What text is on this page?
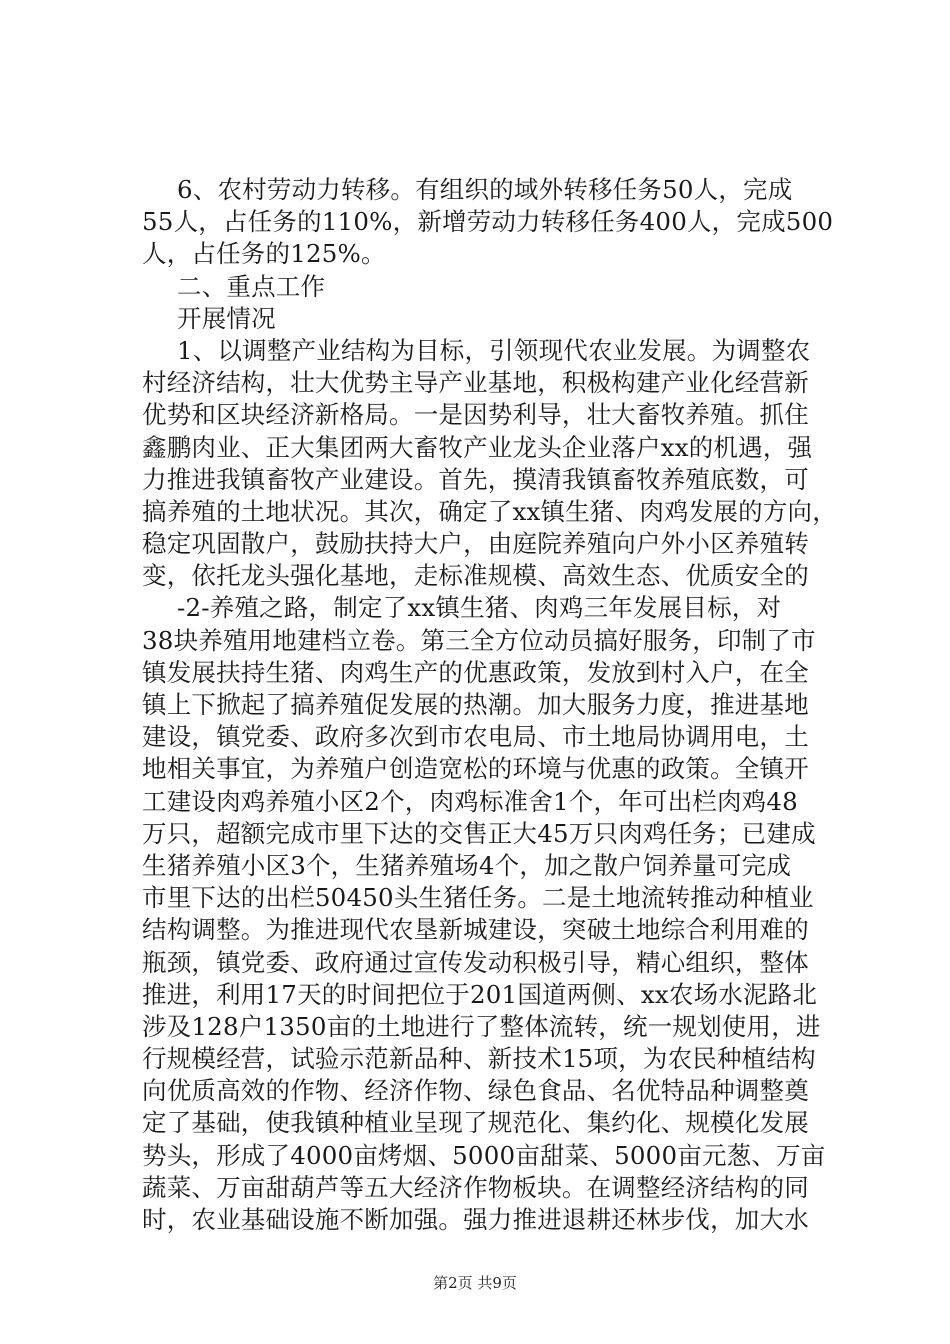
6、农村劳动力转移。有组织的域外转移任务50人，完成
55人，占任务的110%，新增劳动力转移任务400人，完成500
人，占任务的125%。
二、重点工作
开展情况
1、以调整产业结构为目标，引领现代农业发展。为调整农
村经济结构，壮大优势主导产业基地，积极构建产业化经营新
优势和区块经济新格局。一是因势利导，壮大畜牧养殖。抓住
鑫鹏肉业、正大集团两大畜牧产业龙头企业落户xx的机遇，强
力推进我镇畜牧产业建设。首先，摸清我镇畜牧养殖底数，可
搞养殖的土地状况。其次，确定了xx镇生猪、肉鸡发展的方向，
稳定巩固散户，鼓励扶持大户，由庭院养殖向户外小区养殖转
变，依托龙头强化基地，走标准规模、高效生态、优质安全的
-2-养殖之路，制定了xx镇生猪、肉鸡三年发展目标，对
38块养殖用地建档立卷。第三全方位动员搞好服务，印制了市
镇发展扶持生猪、肉鸡生产的优惠政策，发放到村入户，在全
镇上下掀起了搞养殖促发展的热潮。加大服务力度，推进基地
建设，镇党委、政府多次到市农电局、市土地局协调用电，土
地相关事宜，为养殖户创造宽松的环境与优惠的政策。全镇开
工建设肉鸡养殖小区2个，肉鸡标准舍1个，年可出栏肉鸡48
万只，超额完成市里下达的交售正大45万只肉鸡任务；已建成
生猪养殖小区3个，生猪养殖场4个，加之散户饲养量可完成
市里下达的出栏50450头生猪任务。二是土地流转推动种植业
结构调整。为推进现代农垦新城建设，突破土地综合利用难的
瓶颈，镇党委、政府通过宣传发动积极引导，精心组织，整体
推进，利用17天的时间把位于201国道两侧、xx农场水泥路北
涉及128户1350亩的土地进行了整体流转，统一规划使用，进
行规模经营，试验示范新品种、新技术15项，为农民种植结构
向优质高效的作物、经济作物、绿色食品、名优特品种调整奠
定了基础，使我镇种植业呈现了规范化、集约化、规模化发展
势头，形成了4000亩烤烟、5000亩甜菜、5000亩元葱、万亩
蔬菜、万亩甜葫芦等五大经济作物板块。在调整经济结构的同
时，农业基础设施不断加强。强力推进退耕还林步伐，加大水
第2页 共9页
